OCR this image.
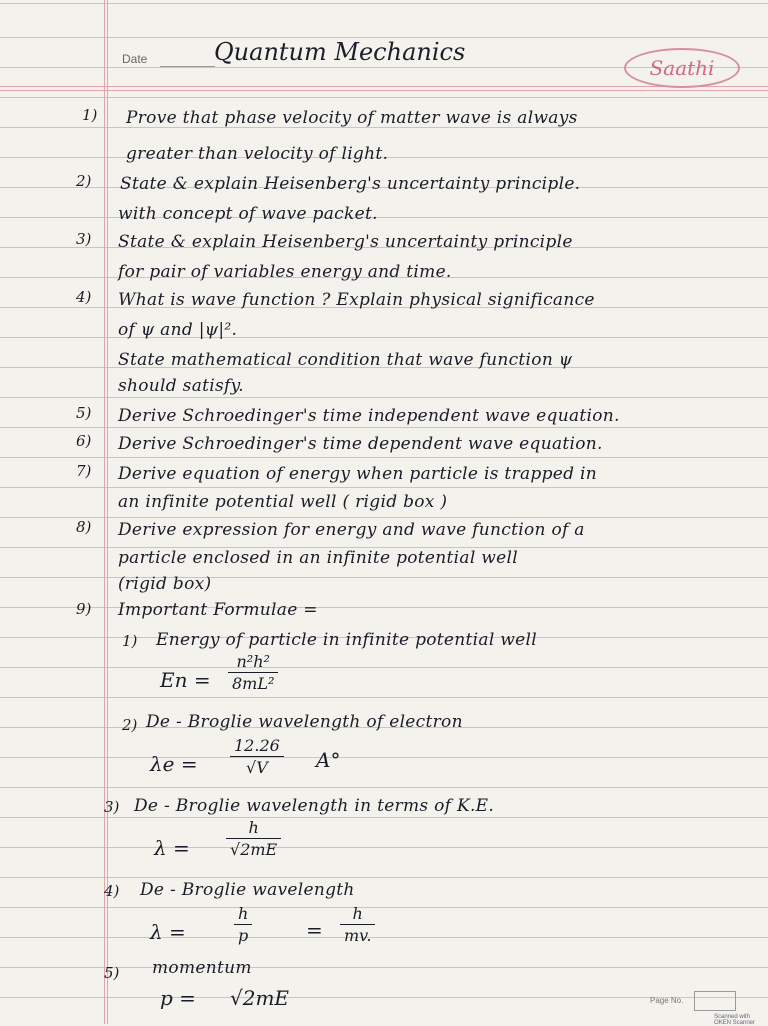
Date	Quantum Mechanics
Saathi
1) Prove that phase velocity of matter wave is always
greater than velocity of light.
2) State & explain Heisenberg's uncertainty principle.
with concept of wave packet.
3) State & explain Heisenberg's uncertainty principle
for pair of variables energy and time.
4) What is wave function ? Explain physical significance
of ψ and |ψ|².
State mathematical condition that wave function ψ
should satisfy.
5) Derive Schroedinger's time independent wave equation.
6) Derive Schroedinger's time dependent wave equation.
7) Derive equation of energy when particle is trapped in
an infinite potential well ( rigid box )
8) Derive expression for energy and wave function of a
particle enclosed in an infinite potential well
(rigid box)
9) Important Formulae =
1) Energy of particle in infinite potential well
En =
n²h²
8mL²
2) De - Broglie wavelength of electron
λe =
12.26
√V	A°
3) De - Broglie wavelength in terms of K.E.
λ =
h
√2mE
4) De - Broglie wavelength
λ =
h
p	=
h
mv.
5) momentum
p = √2mE	Page No.
Scanned with OKEN Scanner
